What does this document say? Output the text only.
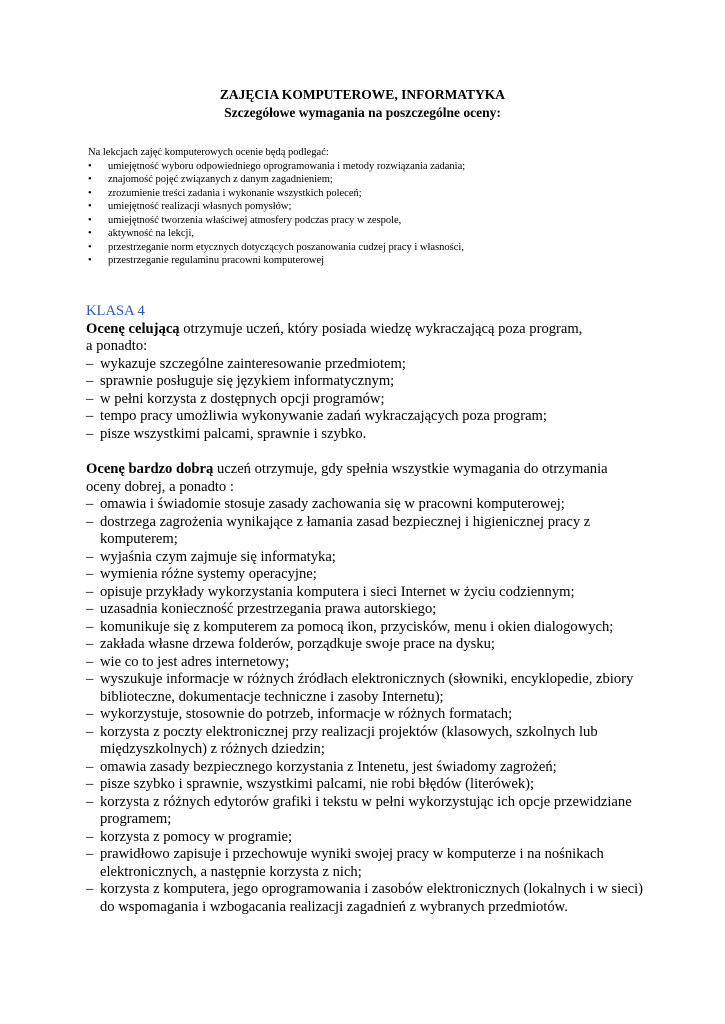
ZAJĘCIA KOMPUTEROWE, INFORMATYKA
Szczegółowe wymagania na poszczególne oceny:
Na lekcjach zajęć komputerowych ocenie będą podlegać:
• umiejętność wyboru odpowiedniego oprogramowania i metody rozwiązania zadania;
• znajomość pojęć związanych z danym zagadnieniem;
• zrozumienie treści zadania i wykonanie wszystkich poleceń;
• umiejętność realizacji własnych pomysłów;
• umiejętność tworzenia właściwej atmosfery podczas pracy w zespole,
• aktywność na lekcji,
• przestrzeganie norm etycznych dotyczących poszanowania cudzej pracy i własności,
• przestrzeganie regulaminu pracowni komputerowej
KLASA 4

Ocenę celującą otrzymuje uczeń, który posiada wiedzę wykraczającą poza program,

a ponadto:
– wykazuje szczególne zainteresowanie przedmiotem;
– sprawnie posługuje się językiem informatycznym;
– w pełni korzysta z dostępnych opcji programów;
– tempo pracy umożliwia wykonywanie zadań wykraczających poza program;
– pisze wszystkimi palcami, sprawnie i szybko.

Ocenę bardzo dobrą uczeń otrzymuje, gdy spełnia wszystkie wymagania do otrzymania oceny dobrej, a ponadto :

– omawia i świadomie stosuje zasady zachowania się w pracowni komputerowej;
– dostrzega zagrożenia wynikające z łamania zasad bezpiecznej i higienicznej pracy z komputerem;
– wyjaśnia czym zajmuje się informatyka;
– wymienia różne systemy operacyjne;
– opisuje przykłady wykorzystania komputera i sieci Internet w życiu codziennym;
– uzasadnia konieczność przestrzegania prawa autorskiego;
– komunikuje się z komputerem za pomocą ikon, przycisków, menu i okien dialogowych;
– zakłada własne drzewa folderów, porządkuje swoje prace na dysku;
– wie co to jest adres internetowy;
– wyszukuje informacje w różnych źródłach elektronicznych (słowniki, encyklopedie, zbiory biblioteczne, dokumentacje techniczne i zasoby Internetu);
– wykorzystuje, stosownie do potrzeb, informacje w różnych formatach;
– korzysta z poczty elektronicznej przy realizacji projektów (klasowych, szkolnych lub międzyszkolnych) z różnych dziedzin;
– omawia zasady bezpiecznego korzystania z Intenetu, jest świadomy zagrożeń;
– pisze szybko i sprawnie, wszystkimi palcami, nie robi błędów (literówek);
– korzysta z różnych edytorów grafiki i tekstu w pełni wykorzystując ich opcje przewidziane programem;
– korzysta z pomocy w programie;
– prawidłowo zapisuje i przechowuje wyniki swojej pracy w komputerze i na nośnikach elektronicznych, a następnie korzysta z nich;
– korzysta z komputera, jego oprogramowania i zasobów elektronicznych (lokalnych i w sieci) do wspomagania i wzbogacania realizacji zagadnień z wybranych przedmiotów.
